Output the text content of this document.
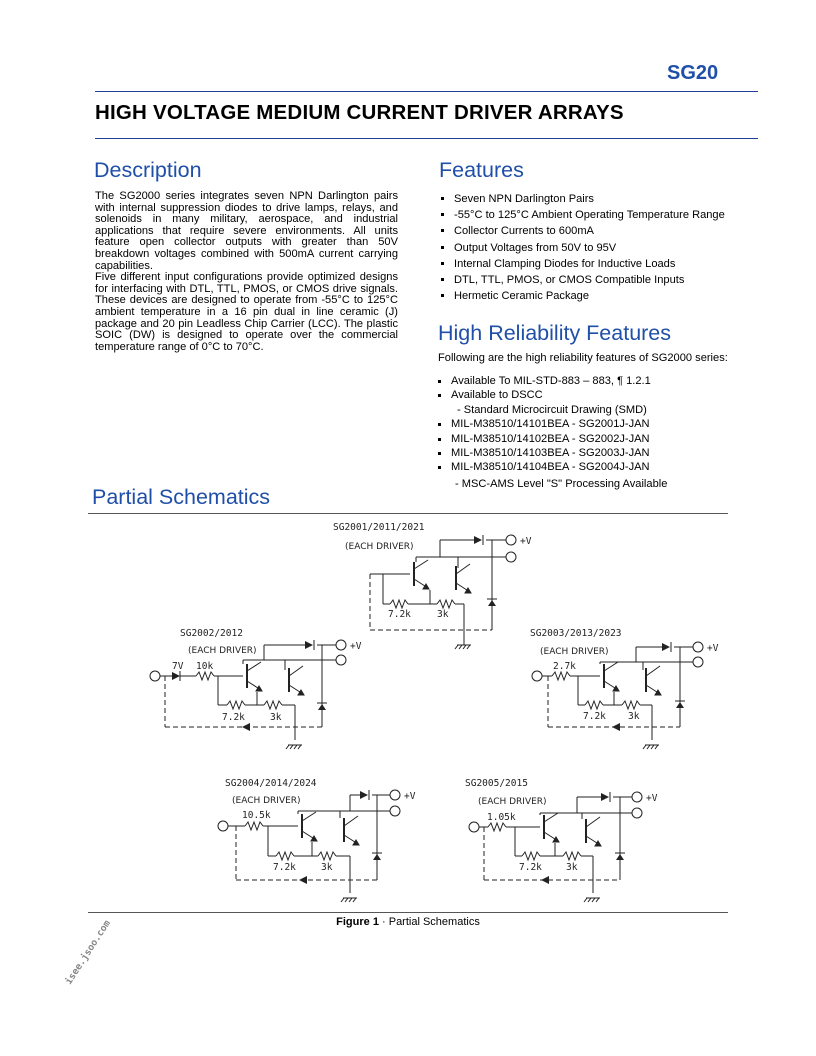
SG20
HIGH VOLTAGE MEDIUM CURRENT DRIVER ARRAYS
Description

The SG2000 series integrates seven NPN Darlington pairs with internal suppression diodes to drive lamps, relays, and solenoids in many military, aerospace, and industrial applications that require severe environments. All units feature open collector outputs with greater than 50V breakdown voltages combined with 500mA current carrying capabilities.

Five different input configurations provide optimized designs for interfacing with DTL, TTL, PMOS, or CMOS drive signals. These devices are designed to operate from -55°C to 125°C ambient temperature in a 16 pin dual in line ceramic (J) package and 20 pin Leadless Chip Carrier (LCC). The plastic SOIC (DW) is designed to operate over the commercial temperature range of 0°C to 70°C.

Features
Seven NPN Darlington Pairs
-55°C to 125°C Ambient Operating Temperature Range
Collector Currents to 600mA
Output Voltages from 50V to 95V
Internal Clamping Diodes for Inductive Loads
DTL, TTL, PMOS, or CMOS Compatible Inputs
Hermetic Ceramic Package
High Reliability Features
Following are the high reliability features of SG2000 series:
Available To MIL-STD-883 – 883, ¶ 1.2.1
Available to DSCC
- Standard Microcircuit Drawing (SMD)
MIL-M38510/14101BEA - SG2001J-JAN
MIL-M38510/14102BEA - SG2002J-JAN
MIL-M38510/14103BEA - SG2003J-JAN
MIL-M38510/14104BEA - SG2004J-JAN
- MSC-AMS Level "S" Processing Available
Partial Schematics
SG2001/2011/2021
(EACH DRIVER)	+V
7.2k	3k
SG2002/2012
(EACH DRIVER)
7V 10k
+V
7.2k	3k
SG2003/2013/2023
(EACH DRIVER)
2.7k
+V
7.2k 3k
SG2004/2014/2024
(EACH DRIVER)
10.5k
+V
7.2k	3k
SG2005/2015
(EACH DRIVER)
1.05k
+V
7.2k	3k
Figure 1 · Partial Schematics
isee.jsoo.com
